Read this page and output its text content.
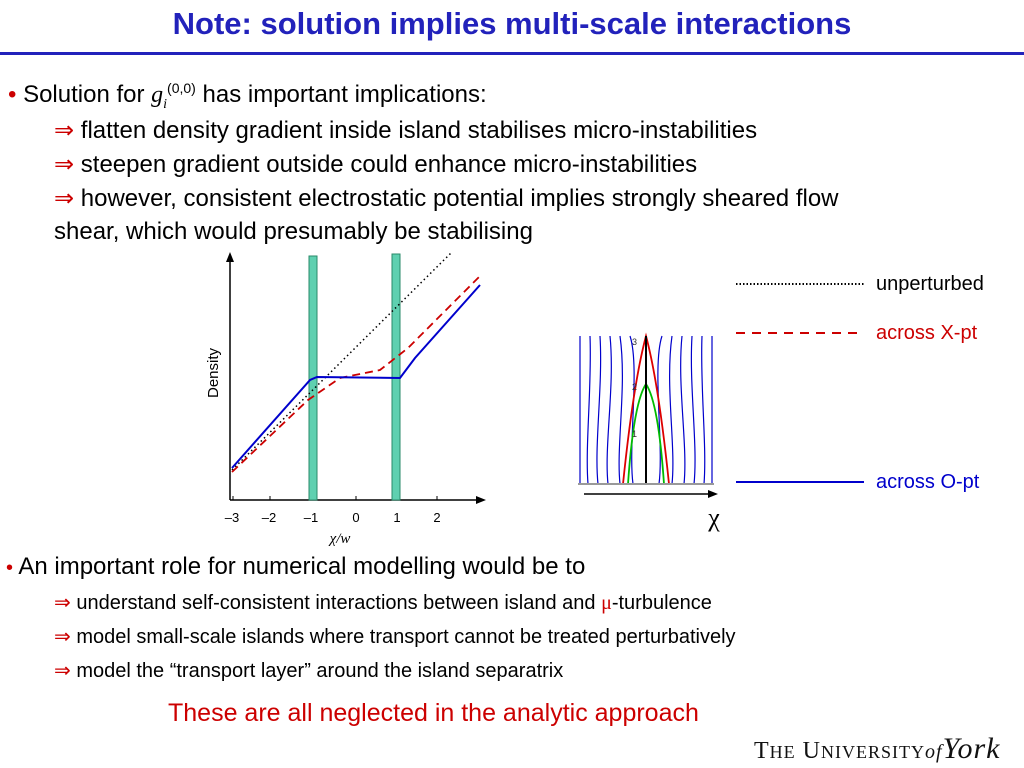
Note: solution implies multi-scale interactions
• Solution for $g_i^{(0,0)}$ has important implications:
⇒ flatten density gradient inside island stabilises micro-instabilities
⇒ steepen gradient outside could enhance micro-instabilities
⇒ however, consistent electrostatic potential implies strongly sheared flow
shear, which would presumably be stabilising
Density
–3 –2 –1	0	1	2
χ/w
3
2
1
χ
unperturbed
across X-pt
across O-pt
• An important role for numerical modelling would be to
⇒ understand self-consistent interactions between island and μ-turbulence
⇒ model small-scale islands where transport cannot be treated perturbatively
⇒ model the “transport layer” around the island separatrix
These are all neglected in the analytic approach
THE UNIVERSITYofYork
